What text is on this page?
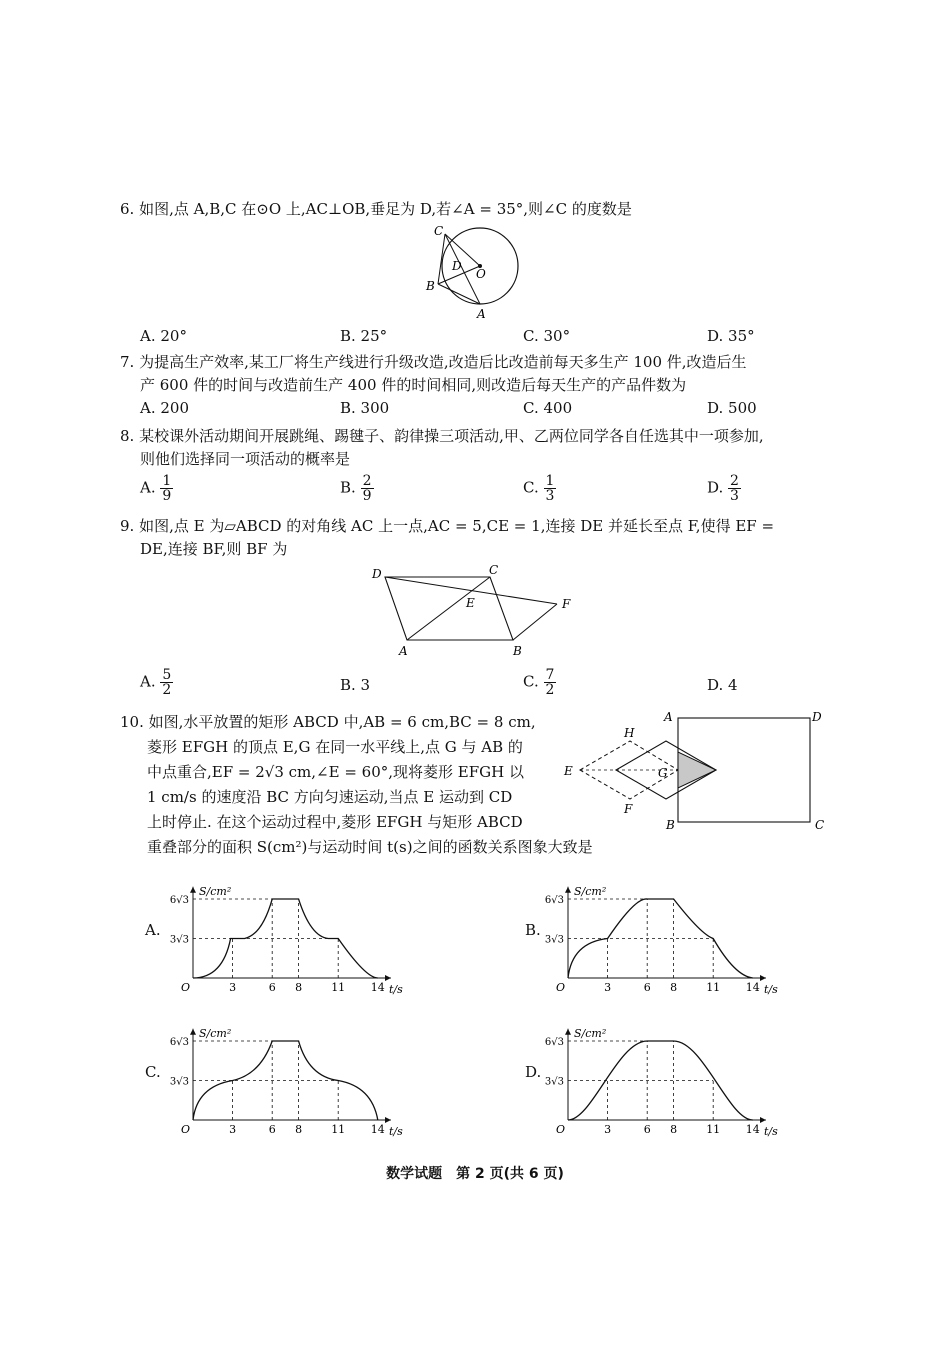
6. 如图,点 A,B,C 在⊙O 上,AC⊥OB,垂足为 D,若∠A = 35°,则∠C 的度数是
C
D
O
B
A
A. 20°	B. 25°	C. 30°	D. 35°
7. 为提高生产效率,某工厂将生产线进行升级改造,改造后比改造前每天多生产 100 件,改造后生
产 600 件的时间与改造前生产 400 件的时间相同,则改造后每天生产的产品件数为
A. 200	B. 300	C. 400	D. 500
8. 某校课外活动期间开展跳绳、踢毽子、韵律操三项活动,甲、乙两位同学各自任选其中一项参加,
则他们选择同一项活动的概率是
A. $\frac{1}{9}$	B. $\frac{2}{9}$	C. $\frac{1}{3}$	D. $\frac{2}{3}$
9. 如图,点 E 为▱ABCD 的对角线 AC 上一点,AC = 5,CE = 1,连接 DE 并延长至点 F,使得 EF =
DE,连接 BF,则 BF 为
D	C
E	F
A	B
A. $\frac{5}{2}$	B. 3	C. $\frac{7}{2}$	D. 4
10. 如图,水平放置的矩形 ABCD 中,AB = 6 cm,BC = 8 cm,
菱形 EFGH 的顶点 E,G 在同一水平线上,点 G 与 AB 的
中点重合,EF = 2√3 cm,∠E = 60°,现将菱形 EFGH 以
1 cm/s 的速度沿 BC 方向匀速运动,当点 E 运动到 CD
上时停止. 在这个运动过程中,菱形 EFGH 与矩形 ABCD
重叠部分的面积 S(cm²)与运动时间 t(s)之间的函数关系图象大致是
A	D
H
E	G
F
B	C
A.	B.
C.	D.
S/cm²
t/s
O
6√3
3√3
3	6 8	11 14
S/cm²
t/s
O
6√3
3√3
3	6 8	11 14
S/cm²
t/s
O
6√3
3√3
3	6 8	11 14
S/cm²
t/s
O
6√3
3√3
3	6 8	11 14
数学试题　第 2 页(共 6 页)
